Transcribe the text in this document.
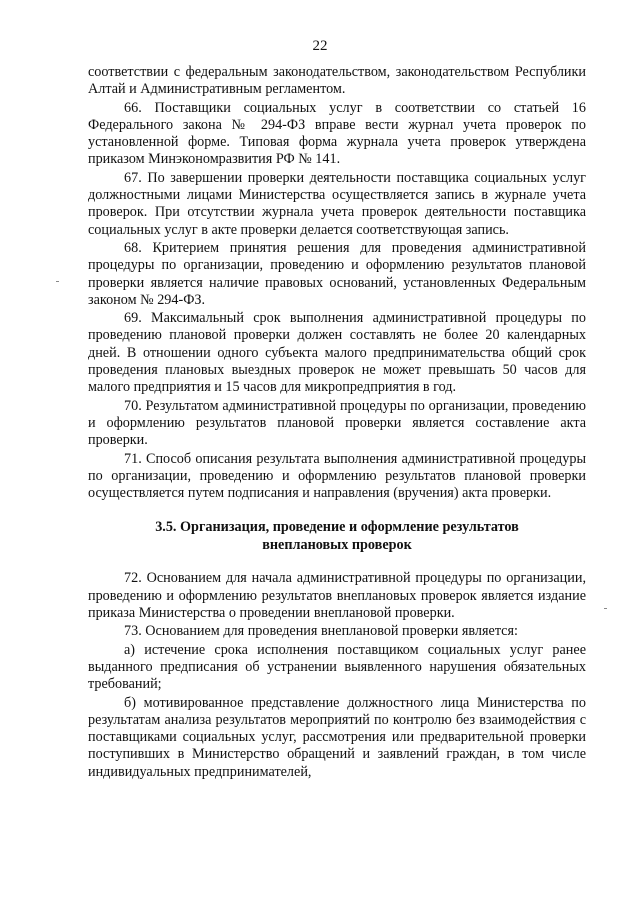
22

соответствии с федеральным законодательством, законодательством Республики Алтай и Административным регламентом.

66. Поставщики социальных услуг в соответствии со статьей 16 Федерального закона № 294-ФЗ вправе вести журнал учета проверок по установленной форме. Типовая форма журнала учета проверок утверждена приказом Минэкономразвития РФ № 141.

67. По завершении проверки деятельности поставщика социальных услуг должностными лицами Министерства осуществляется запись в журнале учета проверок. При отсутствии журнала учета проверок деятельности поставщика социальных услуг в акте проверки делается соответствующая запись.

68. Критерием принятия решения для проведения административной процедуры по организации, проведению и оформлению результатов плановой проверки является наличие правовых оснований, установленных Федеральным законом № 294-ФЗ.

69. Максимальный срок выполнения административной процедуры по проведению плановой проверки должен составлять не более 20 календарных дней. В отношении одного субъекта малого предпринимательства общий срок проведения плановых выездных проверок не может превышать 50 часов для малого предприятия и 15 часов для микропредприятия в год.

70. Результатом административной процедуры по организации, проведению и оформлению результатов плановой проверки является составление акта проверки.

71. Способ описания результата выполнения административной процедуры по организации, проведению и оформлению результатов плановой проверки осуществляется путем подписания и направления (вручения) акта проверки.

3.5. Организация, проведение и оформление результатов
внеплановых проверок

72. Основанием для начала административной процедуры по организации, проведению и оформлению результатов внеплановых проверок является издание приказа Министерства о проведении внеплановой проверки.

73. Основанием для проведения внеплановой проверки является:

а) истечение срока исполнения поставщиком социальных услуг ранее выданного предписания об устранении выявленного нарушения обязательных требований;

б) мотивированное представление должностного лица Министерства по результатам анализа результатов мероприятий по контролю без взаимодействия с поставщиками социальных услуг, рассмотрения или предварительной проверки поступивших в Министерство обращений и заявлений граждан, в том числе индивидуальных предпринимателей,
